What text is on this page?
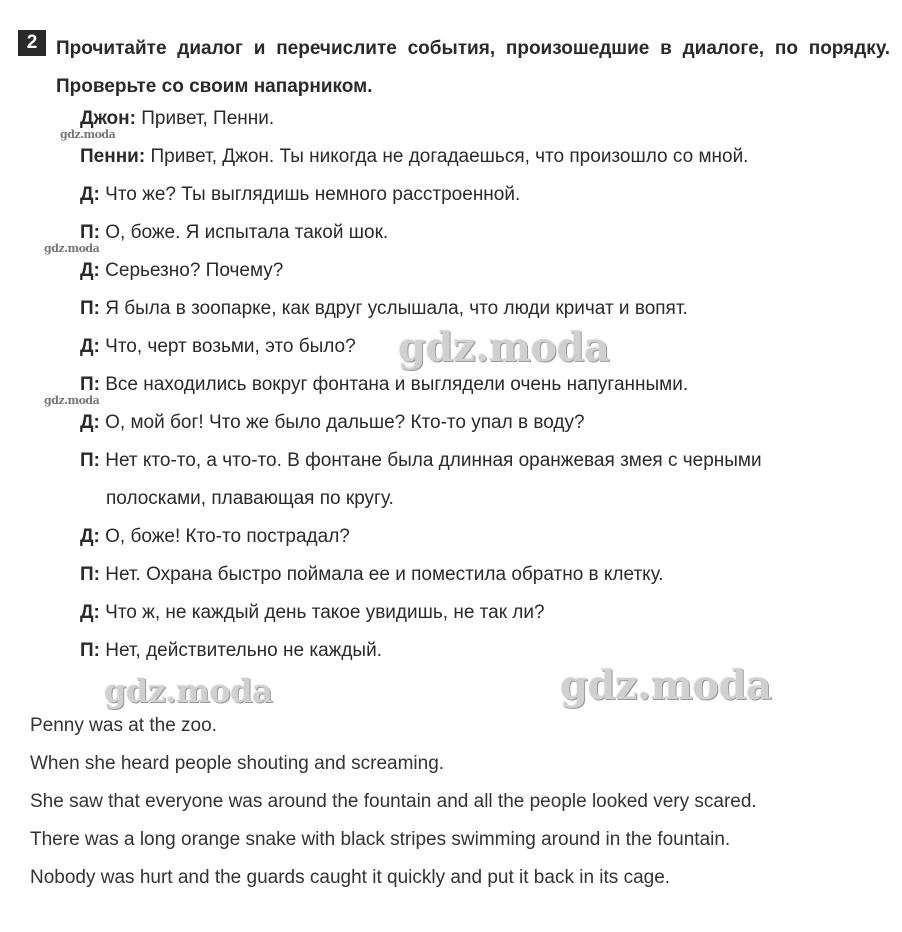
2 Прочитайте диалог и перечислите события, произошедшие в диалоге, по порядку. Проверьте со своим напарником.
Джон: Привет, Пенни.
Пенни: Привет, Джон. Ты никогда не догадаешься, что произошло со мной.
Д: Что же? Ты выглядишь немного расстроенной.
П: О, боже. Я испытала такой шок.
Д: Серьезно? Почему?
П: Я была в зоопарке, как вдруг услышала, что люди кричат и вопят.
Д: Что, черт возьми, это было?
П: Все находились вокруг фонтана и выглядели очень напуганными.
Д: О, мой бог! Что же было дальше? Кто-то упал в воду?
П: Нет кто-то, а что-то. В фонтане была длинная оранжевая змея с черными
полосками, плавающая по кругу.
Д: О, боже! Кто-то пострадал?
П: Нет. Охрана быстро поймала ее и поместила обратно в клетку.
Д: Что ж, не каждый день такое увидишь, не так ли?
П: Нет, действительно не каждый.
Penny was at the zoo.
When she heard people shouting and screaming.
She saw that everyone was around the fountain and all the people looked very scared.
There was a long orange snake with black stripes swimming around in the fountain.
Nobody was hurt and the guards caught it quickly and put it back in its cage.
gdz.moda
gdz.moda
gdz.moda
gdz.moda
gdz.moda	gdz.moda
